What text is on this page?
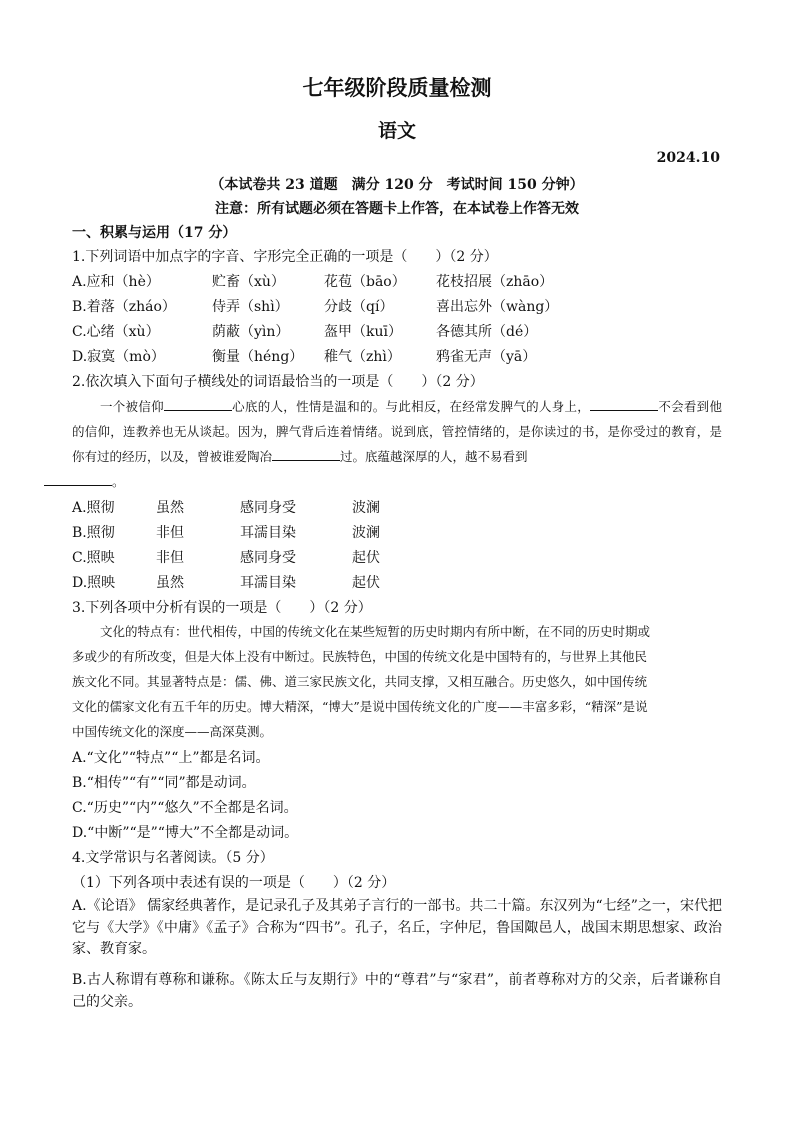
七年级阶段质量检测
语文
2024.10
（本试卷共 23 道题　满分 120 分　考试时间 150 分钟）
注意：所有试题必须在答题卡上作答，在本试卷上作答无效
一、积累与运用（17 分）
1.下列词语中加点字的字音、字形完全正确的一项是（　　）（2 分）
A.应和（hè）	贮畜（xù）	花苞（bāo） 花枝招展（zhāo）
B.着落（zháo）	侍弄（shì）	分歧（qí）	喜出忘外（wàng）
C.心绪（xù）	荫蔽（yìn） 盔甲（kuī） 各德其所（dé）
D.寂寞（mò）	衡量（héng） 稚气（zhì）	鸦雀无声（yā）
2.依次填入下面句子横线处的词语最恰当的一项是（　　）（2 分）
一个被信仰	心底的人，性情是温和的。与此相反，在经常发脾气的人身上，	不会看到他的信仰，连教养也无从谈起。因为，脾气背后连着情绪。说到底，管控情绪的，是你读过的书，是你受过的教育，是你有过的经历，以及，曾被谁爱陶冶	过。底蕴越深厚的人，越不易看到
。
A.照彻	虽然	感同身受	波澜
B.照彻	非但	耳濡目染	波澜
C.照映	非但	感同身受	起伏
D.照映	虽然	耳濡目染	起伏
3.下列各项中分析有误的一项是（　　）（2 分）
文化的特点有：世代相传，中国的传统文化在某些短暂的历史时期内有所中断，在不同的历史时期或
多或少的有所改变，但是大体上没有中断过。民族特色，中国的传统文化是中国特有的，与世界上其他民
族文化不同。其显著特点是：儒、佛、道三家民族文化，共同支撑，又相互融合。历史悠久，如中国传统
文化的儒家文化有五千年的历史。博大精深，“博大”是说中国传统文化的广度——丰富多彩，“精深”是说
中国传统文化的深度——高深莫测。
A.“文化”“特点”“上”都是名词。
B.“相传”“有”“同”都是动词。
C.“历史”“内”“悠久”不全都是名词。
D.“中断”“是”“博大”不全都是动词。
4.文学常识与名著阅读。（5 分）
（1）下列各项中表述有误的一项是（　　）（2 分）
A.《论语》 儒家经典著作，是记录孔子及其弟子言行的一部书。共二十篇。东汉列为“七经”之一，宋代把它与《大学》《中庸》《孟子》合称为“四书”。孔子，名丘，字仲尼，鲁国陬邑人，战国末期思想家、政治家、教育家。
B.古人称谓有尊称和谦称。《陈太丘与友期行》中的“尊君”与“家君”，前者尊称对方的父亲，后者谦称自己的父亲。
